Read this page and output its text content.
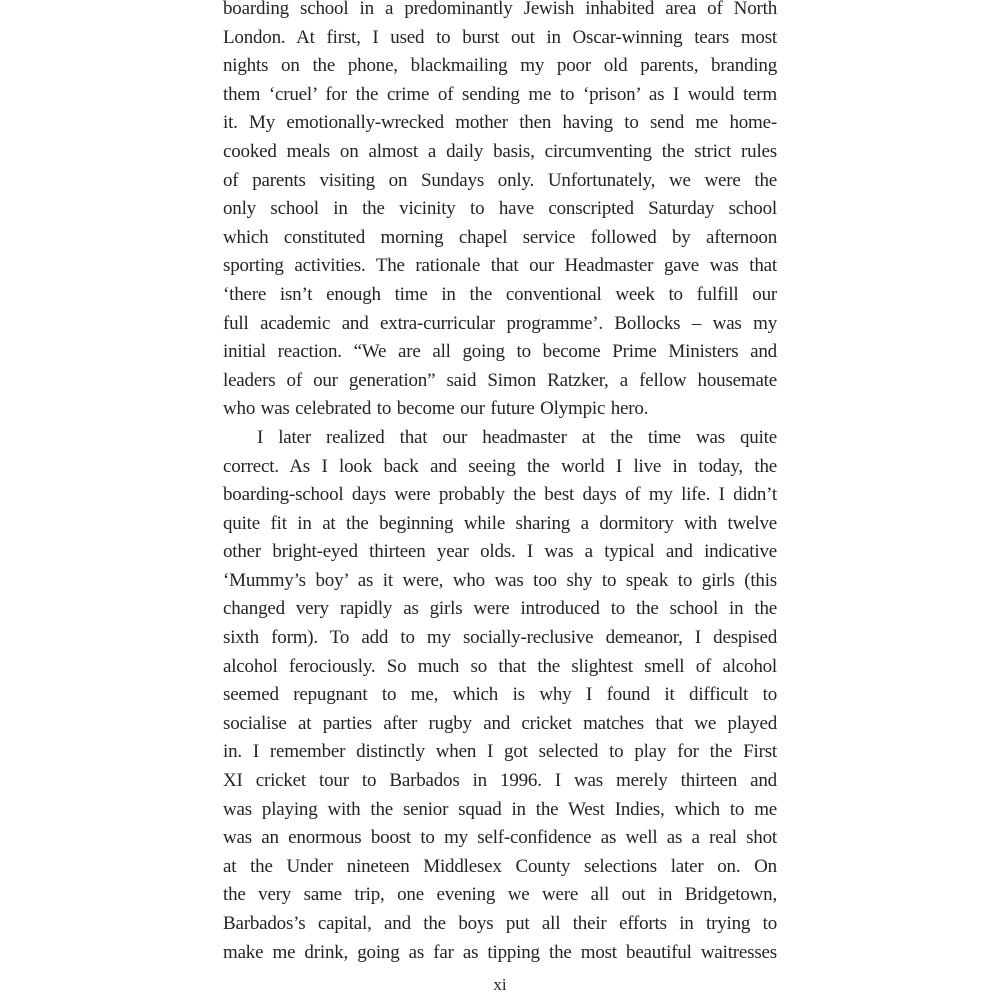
boarding school in a predominantly Jewish inhabited area of North
London. At first, I used to burst out in Oscar-winning tears most
nights on the phone, blackmailing my poor old parents, branding
them ‘cruel’ for the crime of sending me to ‘prison’ as I would term
it. My emotionally-wrecked mother then having to send me home-
cooked meals on almost a daily basis, circumventing the strict rules
of parents visiting on Sundays only. Unfortunately, we were the
only school in the vicinity to have conscripted Saturday school
which constituted morning chapel service followed by afternoon
sporting activities. The rationale that our Headmaster gave was that
‘there isn’t enough time in the conventional week to fulfill our
full academic and extra-curricular programme’. Bollocks – was my
initial reaction. “We are all going to become Prime Ministers and
leaders of our generation” said Simon Ratzker, a fellow housemate
who was celebrated to become our future Olympic hero.
I later realized that our headmaster at the time was quite
correct. As I look back and seeing the world I live in today, the
boarding-school days were probably the best days of my life. I didn’t
quite fit in at the beginning while sharing a dormitory with twelve
other bright-eyed thirteen year olds. I was a typical and indicative
‘Mummy’s boy’ as it were, who was too shy to speak to girls (this
changed very rapidly as girls were introduced to the school in the
sixth form). To add to my socially-reclusive demeanor, I despised
alcohol ferociously. So much so that the slightest smell of alcohol
seemed repugnant to me, which is why I found it difficult to
socialise at parties after rugby and cricket matches that we played
in. I remember distinctly when I got selected to play for the First
XI cricket tour to Barbados in 1996. I was merely thirteen and
was playing with the senior squad in the West Indies, which to me
was an enormous boost to my self-confidence as well as a real shot
at the Under nineteen Middlesex County selections later on. On
the very same trip, one evening we were all out in Bridgetown,
Barbados’s capital, and the boys put all their efforts in trying to
make me drink, going as far as tipping the most beautiful waitresses
xi
